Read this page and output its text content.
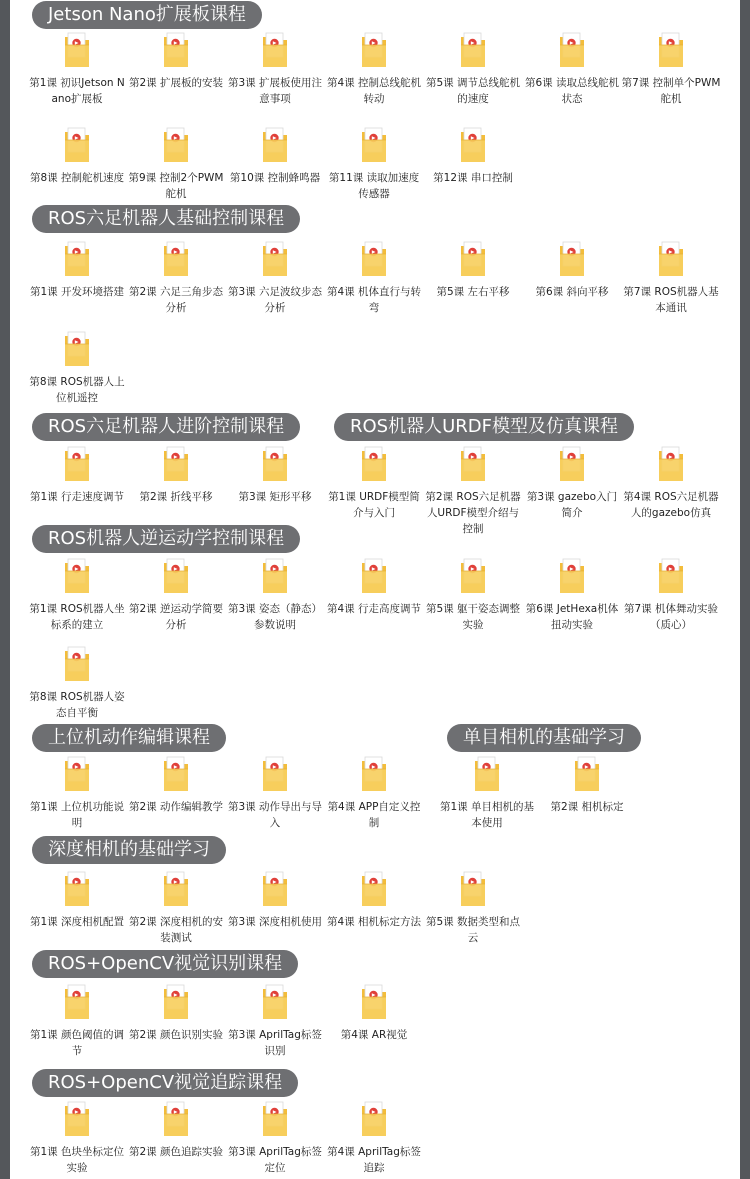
Jetson Nano扩展板课程
第1课 初识Jetson Nano扩展板
第2课 扩展板的安装 第3课 扩展板使用注意事项
第4课 控制总线舵机转动
第5课 调节总线舵机的速度
第6课 读取总线舵机状态
第7课 控制单个PWM舵机
第8课 控制舵机速度 第9课 控制2个PWM舵机
第10课 控制蜂鸣器 第11课 读取加速度传感器
第12课 串口控制
ROS六足机器人基础控制课程
第1课 开发环境搭建 第2课 六足三角步态分析
第3课 六足波纹步态分析
第4课 机体直行与转弯
第5课 左右平移	第6课 斜向平移	第7课 ROS机器人基本通讯
第8课 ROS机器人上位机遥控
ROS六足机器人进阶控制课程
第1课 行走速度调节	第2课 折线平移	第3课 矩形平移
ROS机器人URDF模型及仿真课程
第1课 URDF模型简介与入门
第2课 ROS六足机器人URDF模型介绍与控制
第3课 gazebo入门简介
第4课 ROS六足机器人的gazebo仿真
ROS机器人逆运动学控制课程
第1课 ROS机器人坐标系的建立
第2课 逆运动学简要分析
第3课 姿态（静态）参数说明
第4课 行走高度调节 第5课 躯干姿态调整实验
第6课 JetHexa机体扭动实验
第7课 机体舞动实验（质心）
第8课 ROS机器人姿态自平衡
上位机动作编辑课程
第1课 上位机功能说明
第2课 动作编辑教学 第3课 动作导出与导入
第4课 APP自定义控制
单目相机的基础学习
第1课 单目相机的基本使用
第2课 相机标定
深度相机的基础学习
第1课 深度相机配置 第2课 深度相机的安装测试
第3课 深度相机使用 第4课 相机标定方法 第5课 数据类型和点云
ROS+OpenCV视觉识别课程
第1课 颜色阈值的调节
第2课 颜色识别实验 第3课 AprilTag标签识别
第4课 AR视觉
ROS+OpenCV视觉追踪课程
第1课 色块坐标定位实验
第2课 颜色追踪实验 第3课 AprilTag标签定位
第4课 AprilTag标签追踪
